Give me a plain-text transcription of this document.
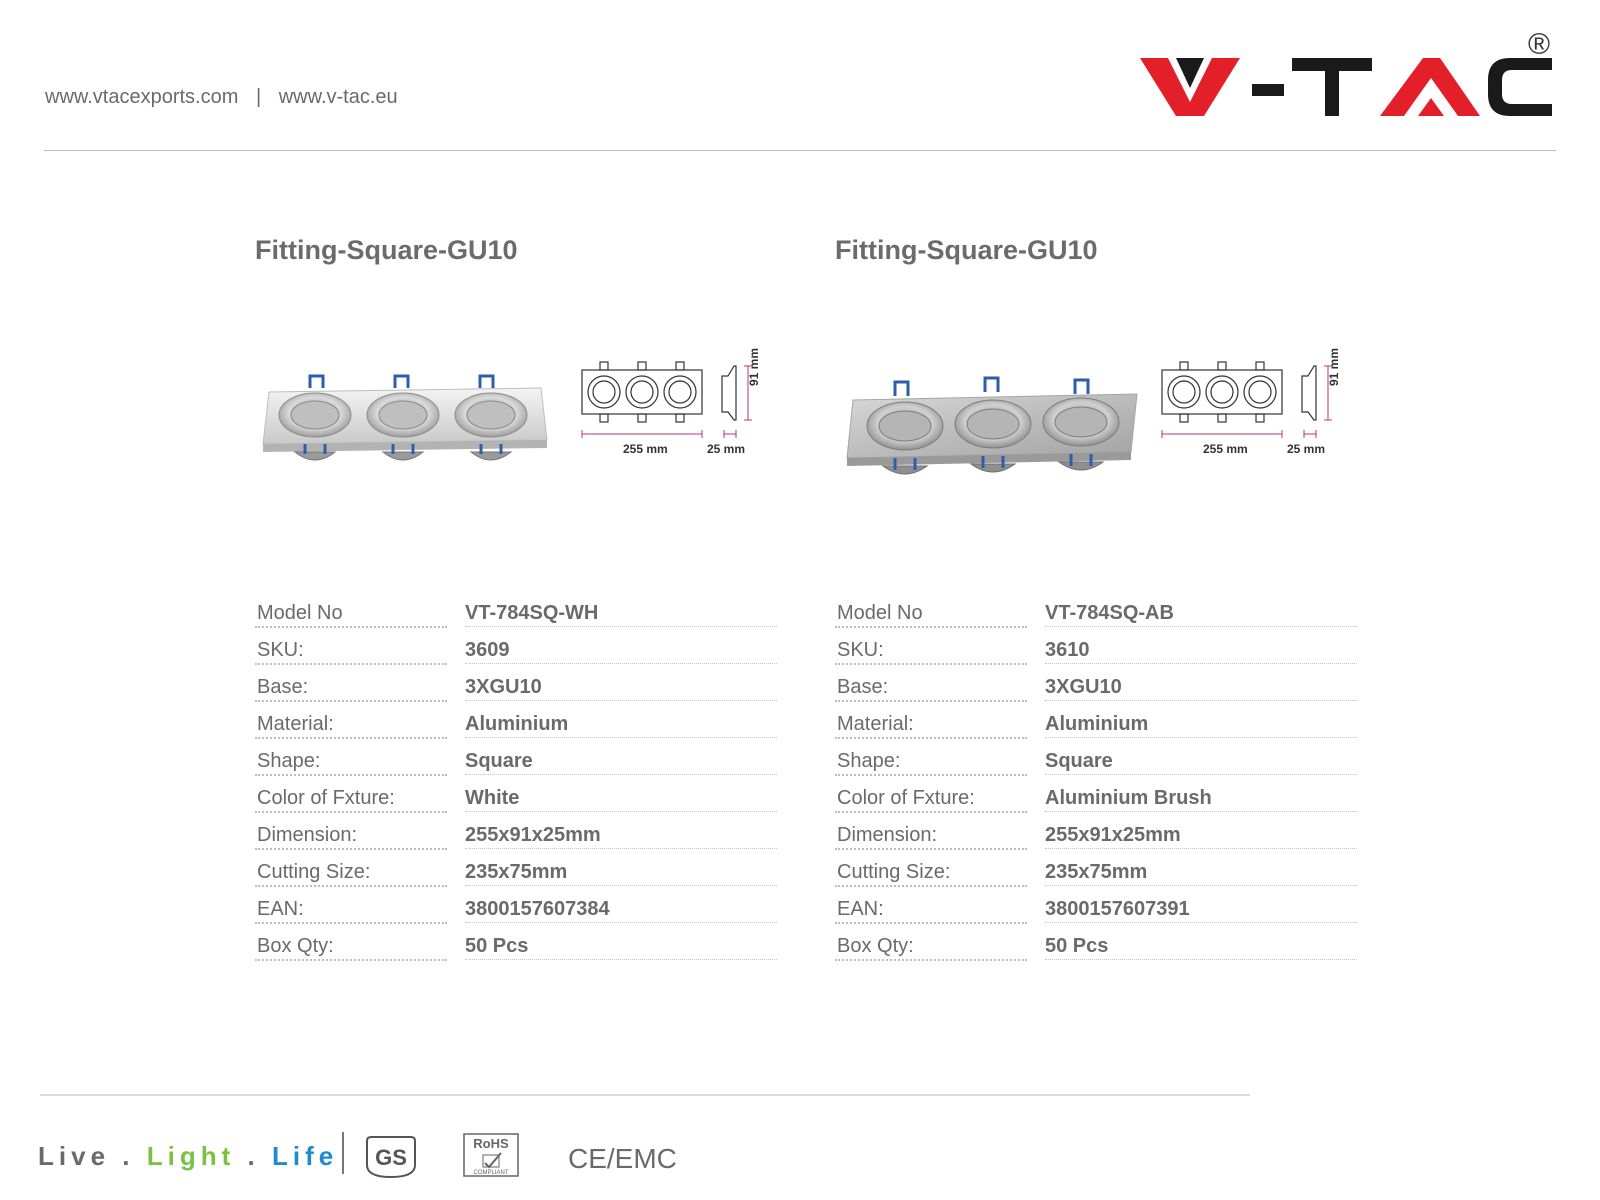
www.vtacexports.com | www.v-tac.eu
®
Fitting-Square-GU10
255 mm	25 mm
91 mm
Model No	VT-784SQ-WH
SKU:	3609
Base:	3XGU10
Material:	Aluminium
Shape:	Square
Color of Fxture:	White
Dimension:	255x91x25mm
Cutting Size:	235x75mm
EAN:	3800157607384
Box Qty:	50 Pcs
Fitting-Square-GU10
255 mm	25 mm
91 mm
Model No	VT-784SQ-AB
SKU:	3610
Base:	3XGU10
Material:	Aluminium
Shape:	Square
Color of Fxture:	Aluminium Brush
Dimension:	255x91x25mm
Cutting Size:	235x75mm
EAN:	3800157607391
Box Qty:	50 Pcs
Live . Light . Life GS
RoHS
COMPLIANT CE/EMC
